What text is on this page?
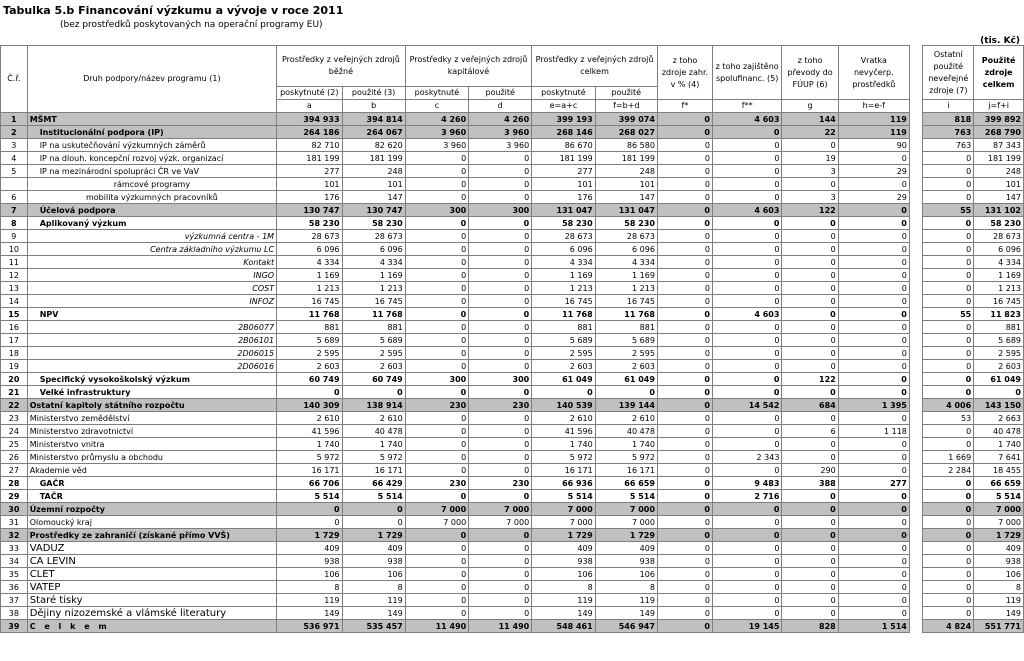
Tabulka 5.b Financování výzkumu a vývoje v roce 2011
(bez prostředků poskytovaných na operační programy EU)
(tis. Kč)
Č.ř.	Druh podpory/název programu (1)	Prostředky z veřejných zdrojů běžné		Prostředky z veřejných zdrojů kapitálové		Prostředky z veřejných zdrojů celkem		z toho zdroje zahr. v % (4)	z toho zajištěno spolufinanc. (5)	z toho převody do FÚUP (6)	Vratka nevyčerp. prostředků		Ostatní použité neveřejné zdroje (7)	Použité zdroje celkem
		poskytnuté (2)	použité (3)	poskytnuté	použité	poskytnuté	použité							
		a	b	c	d	e=a+c	f=b+d	f*	f**	g	h=e-f		i	j=f+i
1	MŠMT	394 933	394 814	4 260	4 260	399 193	399 074	0	4 603	144	119		818	399 892
2	Institucionální podpora (IP)	264 186	264 067	3 960	3 960	268 146	268 027	0	0	22	119		763	268 790
3	IP na uskutečňování výzkumných záměrů	82 710	82 620	3 960	3 960	86 670	86 580	0	0	0	90		763	87 343
4	IP na dlouh. koncepční rozvoj výzk. organizací	181 199	181 199	0	0	181 199	181 199	0	0	19	0		0	181 199
5	IP na mezinárodní spolupráci ČR ve VaV	277	248	0	0	277	248	0	0	3	29		0	248
	rámcové programy	101	101	0	0	101	101	0	0	0	0		0	101
6	mobilita výzkumných pracovníků	176	147	0	0	176	147	0	0	3	29		0	147
7	Účelová podpora	130 747	130 747	300	300	131 047	131 047	0	4 603	122	0		55	131 102
8	Aplikovaný výzkum	58 230	58 230	0	0	58 230	58 230	0	0	0	0		0	58 230
9	výzkumná centra - 1M	28 673	28 673	0	0	28 673	28 673	0	0	0	0		0	28 673
10	Centra základního výzkumu LC	6 096	6 096	0	0	6 096	6 096	0	0	0	0		0	6 096
11	Kontakt	4 334	4 334	0	0	4 334	4 334	0	0	0	0		0	4 334
12	INGO	1 169	1 169	0	0	1 169	1 169	0	0	0	0		0	1 169
13	COST	1 213	1 213	0	0	1 213	1 213	0	0	0	0		0	1 213
14	INFOZ	16 745	16 745	0	0	16 745	16 745	0	0	0	0		0	16 745
15	NPV	11 768	11 768	0	0	11 768	11 768	0	4 603	0	0		55	11 823
16	2B06077	881	881	0	0	881	881	0	0	0	0		0	881
17	2B06101	5 689	5 689	0	0	5 689	5 689	0	0	0	0		0	5 689
18	2D06015	2 595	2 595	0	0	2 595	2 595	0	0	0	0		0	2 595
19	2D06016	2 603	2 603	0	0	2 603	2 603	0	0	0	0		0	2 603
20	Specifický vysokoškolský výzkum	60 749	60 749	300	300	61 049	61 049	0	0	122	0		0	61 049
21	Velké infrastruktury	0	0	0	0	0	0	0	0	0	0		0	0
22	Ostatní kapitoly státního rozpočtu	140 309	138 914	230	230	140 539	139 144	0	14 542	684	1 395		4 006	143 150
23	Ministerstvo zemědělství	2 610	2 610	0	0	2 610	2 610	0	0	0	0		53	2 663
24	Ministerstvo zdravotnictví	41 596	40 478	0	0	41 596	40 478	0	0	6	1 118		0	40 478
25	Ministerstvo vnitra	1 740	1 740	0	0	1 740	1 740	0	0	0	0		0	1 740
26	Ministerstvo průmyslu a obchodu	5 972	5 972	0	0	5 972	5 972	0	2 343	0	0		1 669	7 641
27	Akademie věd	16 171	16 171	0	0	16 171	16 171	0	0	290	0		2 284	18 455
28	GAČR	66 706	66 429	230	230	66 936	66 659	0	9 483	388	277		0	66 659
29	TAČR	5 514	5 514	0	0	5 514	5 514	0	2 716	0	0		0	5 514
30	Územní rozpočty	0	0	7 000	7 000	7 000	7 000	0	0	0	0		0	7 000
31	Olomoucký kraj	0	0	7 000	7 000	7 000	7 000	0	0	0	0		0	7 000
32	Prostředky ze zahraničí (získané přímo VVŠ)	1 729	1 729	0	0	1 729	1 729	0	0	0	0		0	1 729
33	VADUZ	409	409	0	0	409	409	0	0	0	0		0	409
34	CA LEVIN	938	938	0	0	938	938	0	0	0	0		0	938
35	CLET	106	106	0	0	106	106	0	0	0	0		0	106
36	VATEP	8	8	0	0	8	8	0	0	0	0		0	8
37	Staré tisky	119	119	0	0	119	119	0	0	0	0		0	119
38	Dějiny nizozemské a vlámské literatury	149	149	0	0	149	149	0	0	0	0		0	149
39	C e l k e m	536 971	535 457	11 490	11 490	548 461	546 947	0	19 145	828	1 514		4 824	551 771
